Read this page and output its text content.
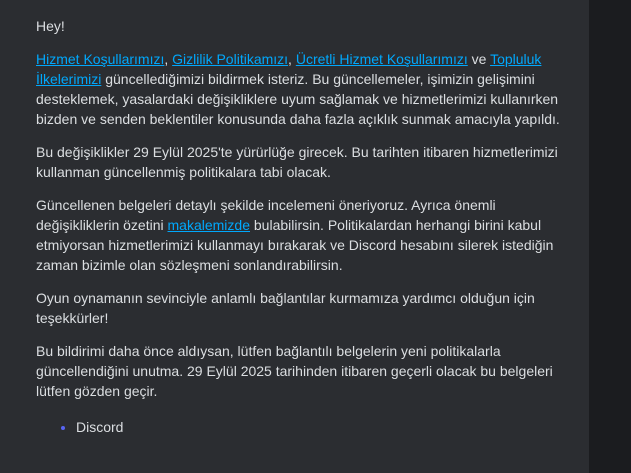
Hey!

Hizmet Koşullarımızı, Gizlilik Politikamızı, Ücretli Hizmet Koşullarımızı ve Topluluk İlkelerimizi güncellediğimizi bildirmek isteriz. Bu güncellemeler, işimizin gelişimini desteklemek, yasalardaki değişikliklere uyum sağlamak ve hizmetlerimizi kullanırken bizden ve senden beklentiler konusunda daha fazla açıklık sunmak amacıyla yapıldı.

Bu değişiklikler 29 Eylül 2025'te yürürlüğe girecek. Bu tarihten itibaren hizmetlerimizi kullanman güncellenmiş politikalara tabi olacak.

Güncellenen belgeleri detaylı şekilde incelemeni öneriyoruz. Ayrıca önemli değişikliklerin özetini makalemizde bulabilirsin. Politikalardan herhangi birini kabul etmiyorsan hizmetlerimizi kullanmayı bırakarak ve Discord hesabını silerek istediğin zaman bizimle olan sözleşmeni sonlandırabilirsin.

Oyun oynamanın sevinciyle anlamlı bağlantılar kurmamıza yardımcı olduğun için teşekkürler!

Bu bildirimi daha önce aldıysan, lütfen bağlantılı belgelerin yeni politikalarla güncellendiğini unutma. 29 Eylül 2025 tarihinden itibaren geçerli olacak bu belgeleri lütfen gözden geçir.

• Discord
